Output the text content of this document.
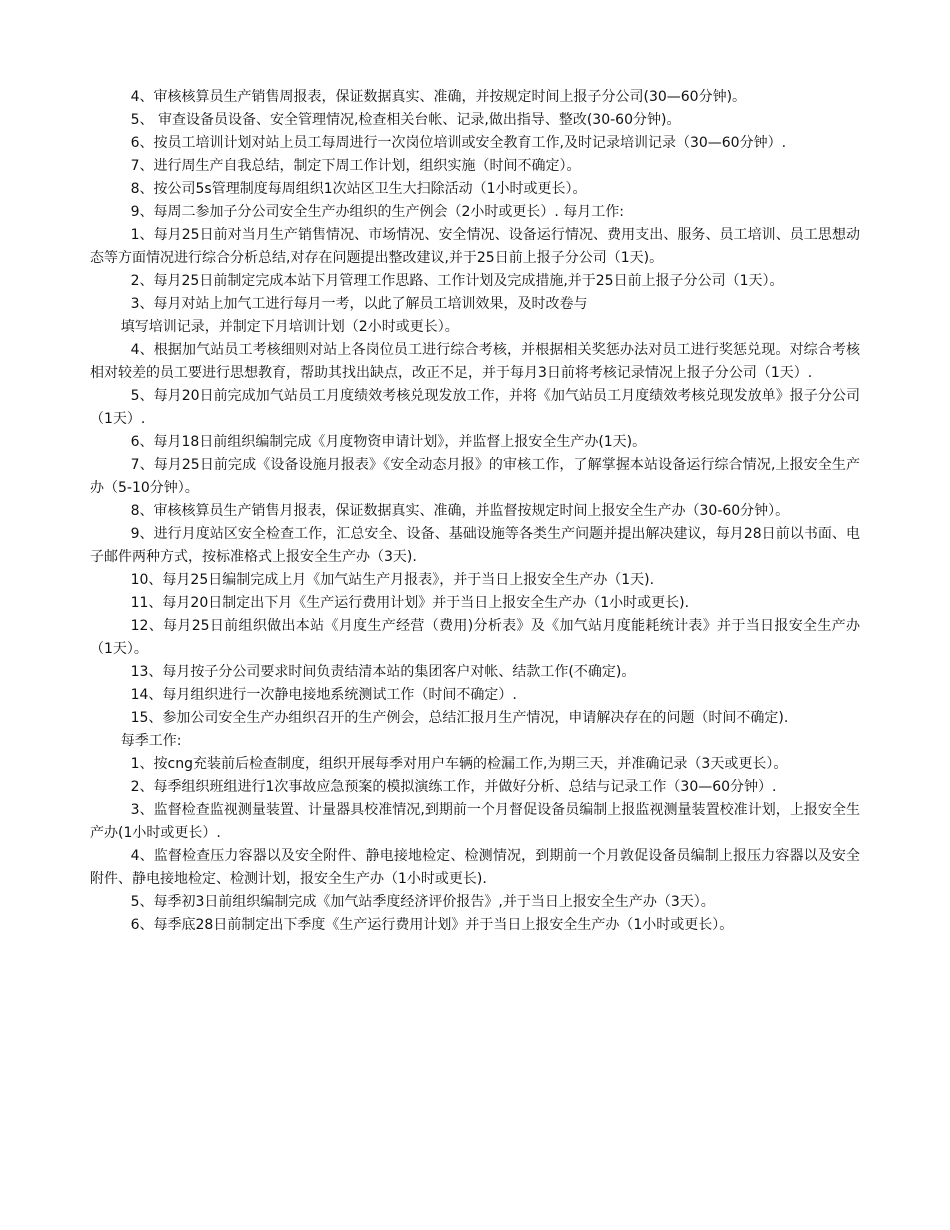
4、审核核算员生产销售周报表，保证数据真实、准确，并按规定时间上报子分公司(30—60分钟)。

5、 审查设备员设备、安全管理情况,检查相关台帐、记录,做出指导、整改(30-60分钟)。

6、按员工培训计划对站上员工每周进行一次岗位培训或安全教育工作,及时记录培训记录（30—60分钟）.

7、进行周生产自我总结，制定下周工作计划，组织实施（时间不确定）。

8、按公司5s管理制度每周组织1次站区卫生大扫除活动（1小时或更长）。

9、每周二参加子分公司安全生产办组织的生产例会（2小时或更长）. 每月工作:

1、每月25日前对当月生产销售情况、市场情况、安全情况、设备运行情况、费用支出、服务、员工培训、员工思想动态等方面情况进行综合分析总结,对存在问题提出整改建议,并于25日前上报子分公司（1天)。

2、每月25日前制定完成本站下月管理工作思路、工作计划及完成措施,并于25日前上报子分公司（1天）。

3、每月对站上加气工进行每月一考，以此了解员工培训效果，及时改卷与

填写培训记录，并制定下月培训计划（2小时或更长）。

4、根据加气站员工考核细则对站上各岗位员工进行综合考核，并根据相关奖惩办法对员工进行奖惩兑现。对综合考核相对较差的员工要进行思想教育，帮助其找出缺点，改正不足，并于每月3日前将考核记录情况上报子分公司（1天）.

5、每月20日前完成加气站员工月度绩效考核兑现发放工作，并将《加气站员工月度绩效考核兑现发放单》报子分公司（1天）.

6、每月18日前组织编制完成《月度物资申请计划》，并监督上报安全生产办(1天)。

7、每月25日前完成《设备设施月报表》《安全动态月报》的审核工作，了解掌握本站设备运行综合情况,上报安全生产办（5-10分钟）。

8、审核核算员生产销售月报表，保证数据真实、准确，并监督按规定时间上报安全生产办（30-60分钟）。

9、进行月度站区安全检查工作，汇总安全、设备、基础设施等各类生产问题并提出解决建议，每月28日前以书面、电子邮件两种方式，按标准格式上报安全生产办（3天).

10、每月25日编制完成上月《加气站生产月报表》，并于当日上报安全生产办（1天).

11、每月20日制定出下月《生产运行费用计划》并于当日上报安全生产办（1小时或更长).

12、每月25日前组织做出本站《月度生产经营（费用)分析表》及《加气站月度能耗统计表》并于当日报安全生产办（1天）。

13、每月按子分公司要求时间负责结清本站的集团客户对帐、结款工作(不确定)。

14、每月组织进行一次静电接地系统测试工作（时间不确定）.

15、参加公司安全生产办组织召开的生产例会，总结汇报月生产情况，申请解决存在的问题（时间不确定).

每季工作:

1、按cng充装前后检查制度，组织开展每季对用户车辆的检漏工作,为期三天，并准确记录（3天或更长）。

2、每季组织班组进行1次事故应急预案的模拟演练工作，并做好分析、总结与记录工作（30—60分钟）.

3、监督检查监视测量装置、计量器具校准情况,到期前一个月督促设备员编制上报监视测量装置校准计划，上报安全生产办(1小时或更长）.

4、监督检查压力容器以及安全附件、静电接地检定、检测情况，到期前一个月敦促设备员编制上报压力容器以及安全附件、静电接地检定、检测计划，报安全生产办（1小时或更长).

5、每季初3日前组织编制完成《加气站季度经济评价报告》,并于当日上报安全生产办（3天）。

6、每季底28日前制定出下季度《生产运行费用计划》并于当日上报安全生产办（1小时或更长）。
